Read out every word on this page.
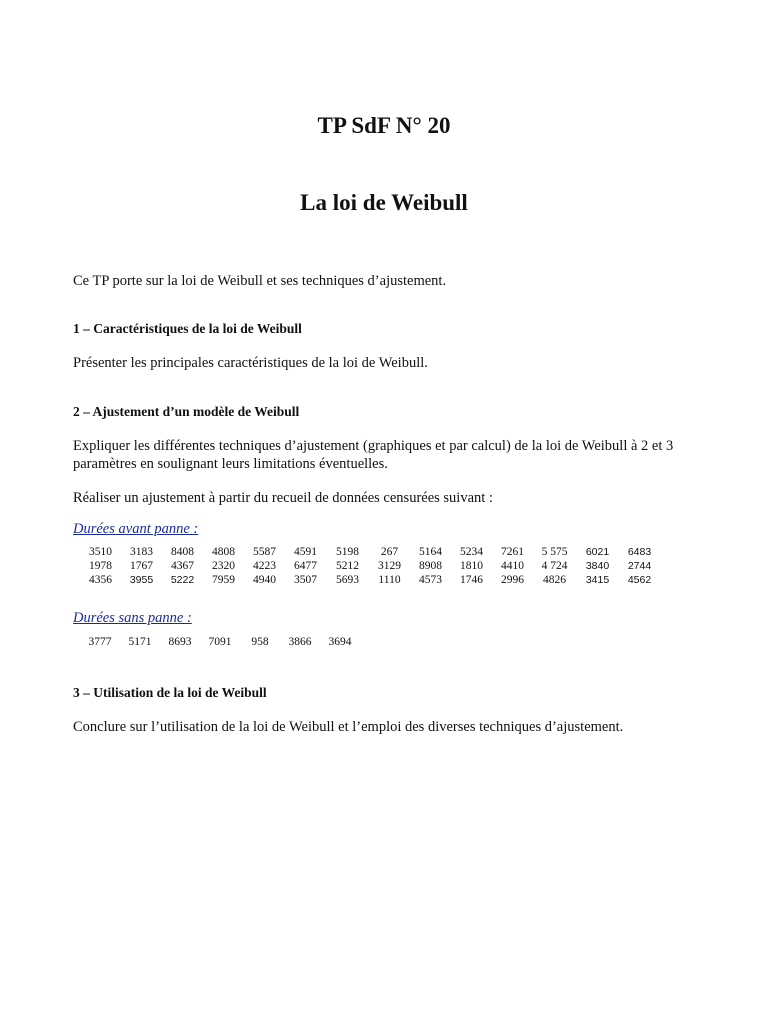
TP SdF N° 20
La loi de Weibull

Ce TP porte sur la loi de Weibull et ses techniques d’ajustement.

1 – Caractéristiques de la loi de Weibull

Présenter les principales caractéristiques de la loi de Weibull.

2 – Ajustement d’un modèle de Weibull

Expliquer les différentes techniques d’ajustement (graphiques et par calcul) de la loi de Weibull à 2 et 3 paramètres en soulignant leurs limitations éventuelles.

Réaliser un ajustement à partir du recueil de données censurées suivant :

Durées avant panne :

3510	3183	8408	4808	5587	4591	5198	267	5164	5234	7261	5 575	6021	6483
1978	1767	4367	2320	4223	6477	5212	3129	8908	1810	4410	4 724	3840	2744
4356	3955	5222	7959	4940	3507	5693	1110	4573	1746	2996	4826	3415	4562

Durées sans panne :

3777	5171	8693	7091	958	3866	3694

3 – Utilisation de la loi de Weibull

Conclure sur l’utilisation de la loi de Weibull et l’emploi des diverses techniques d’ajustement.
